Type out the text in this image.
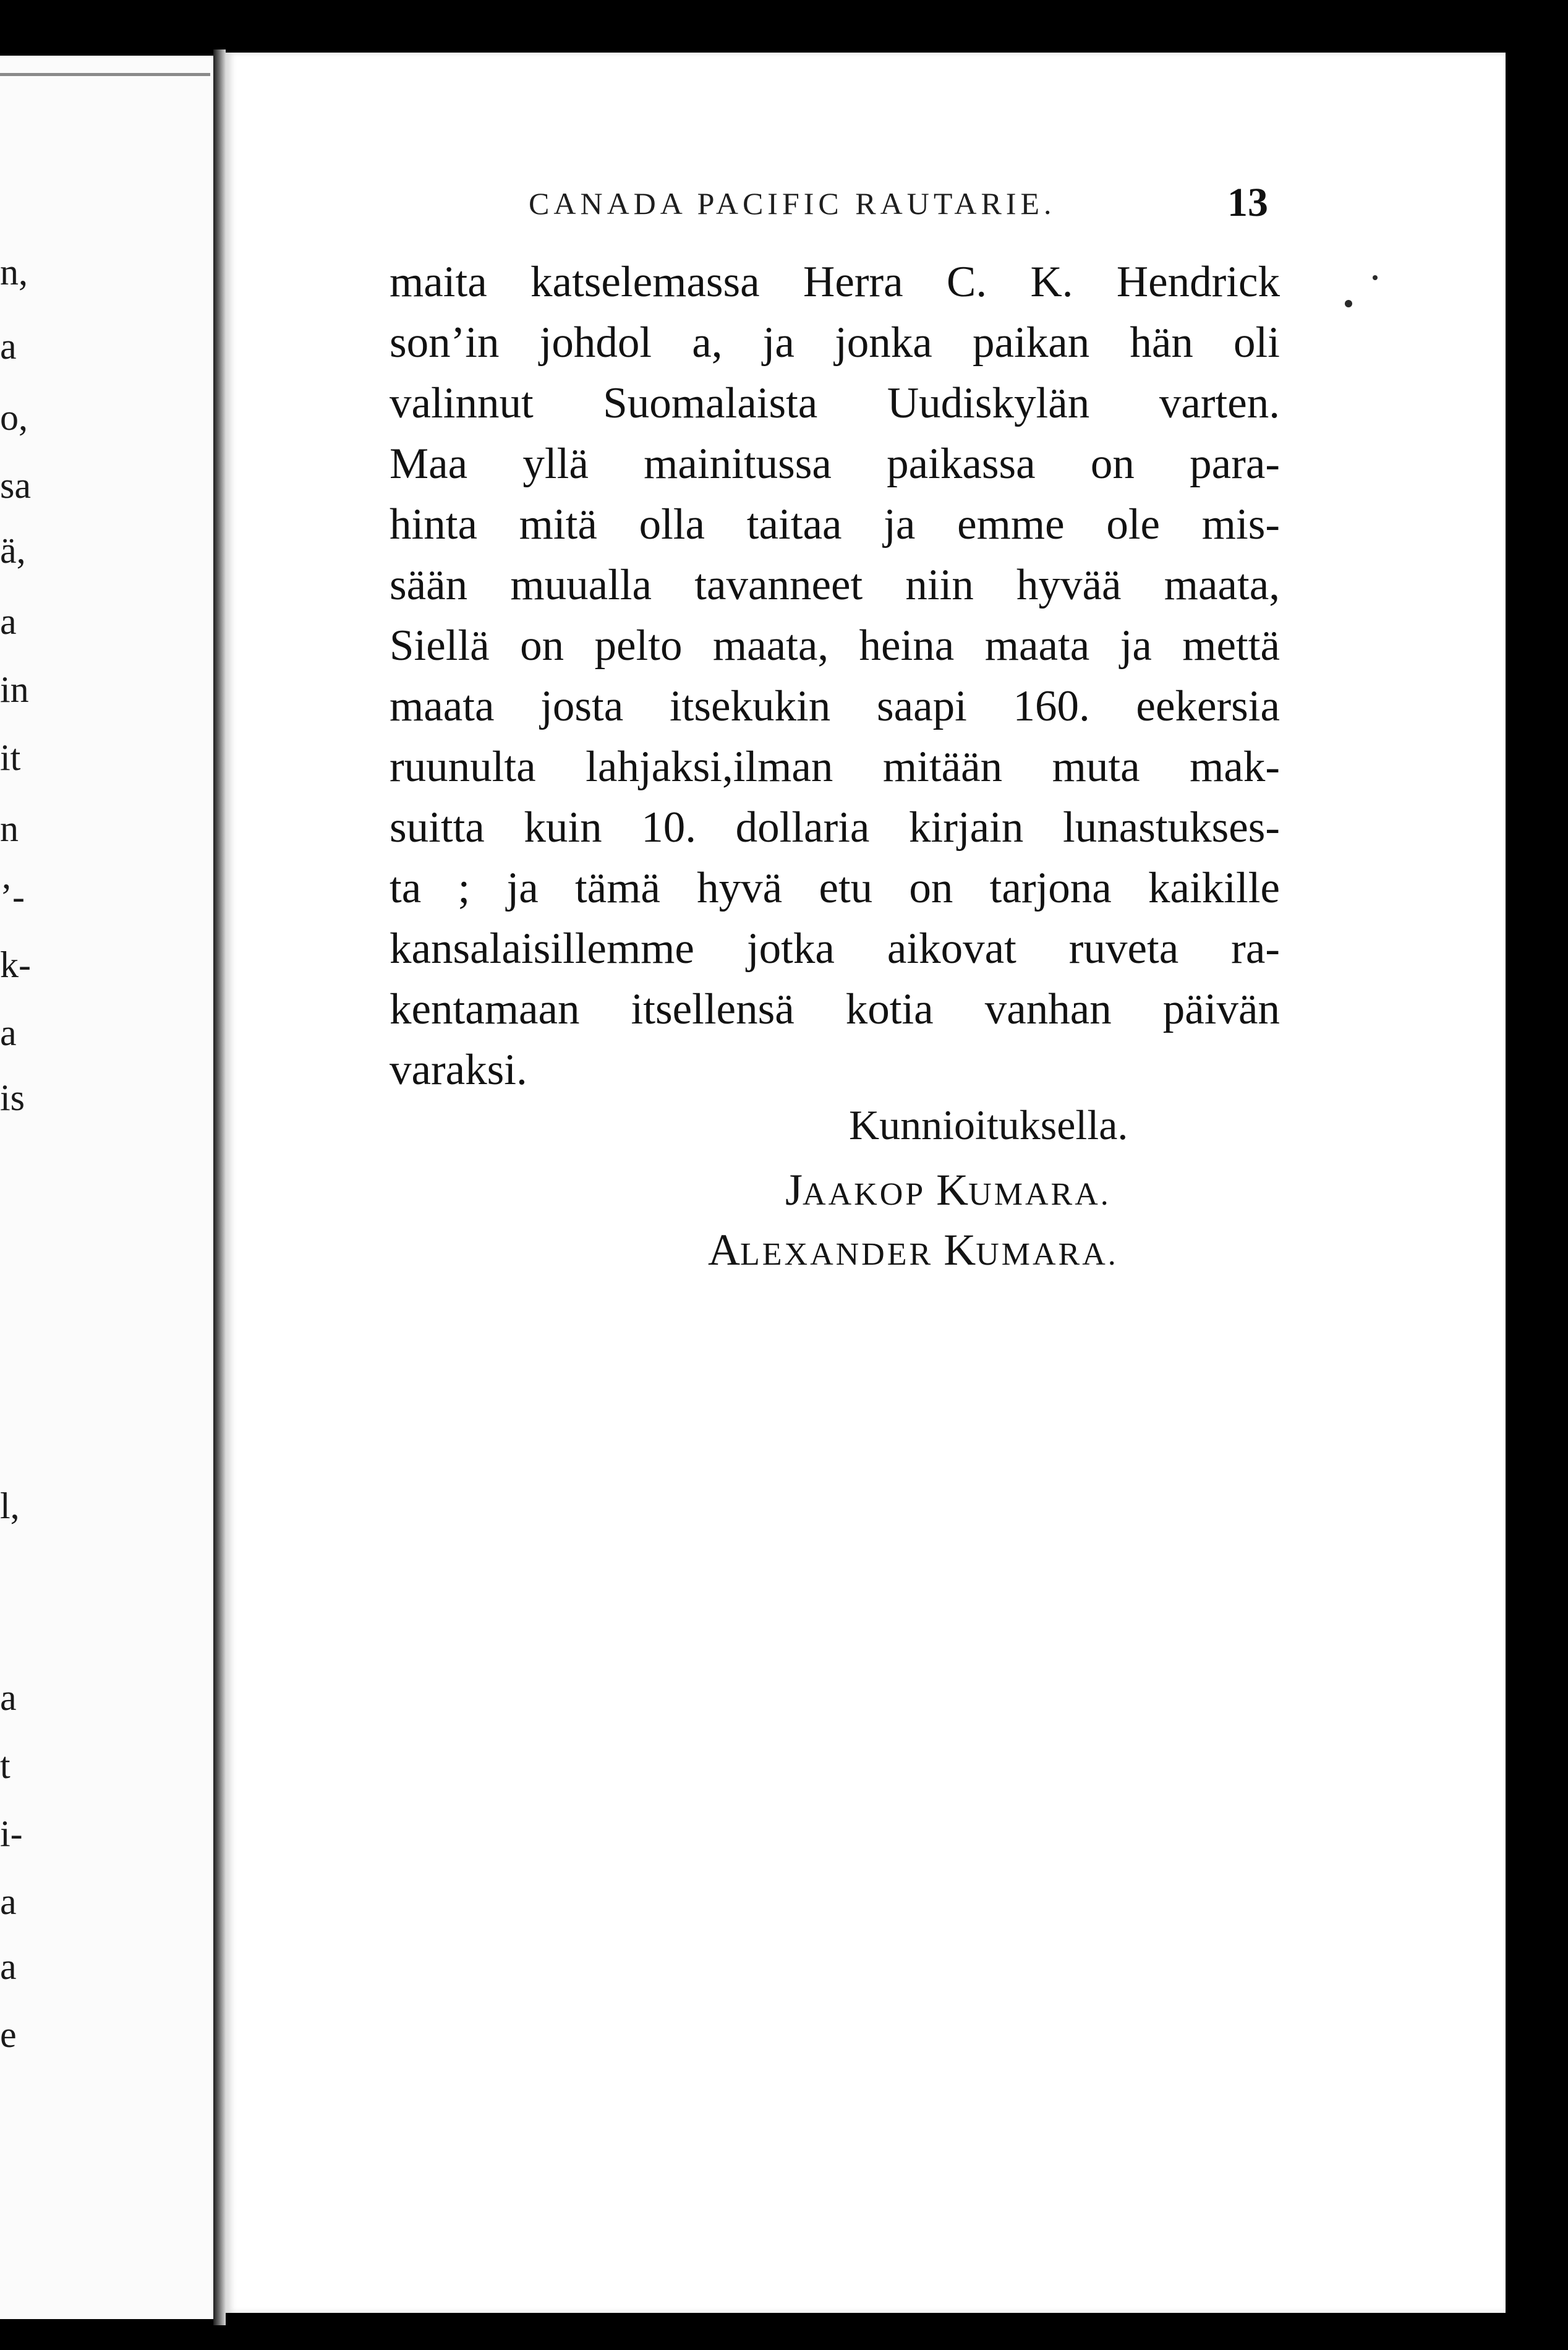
n,
a
o,
sa
ä,
a
in
it
n
’-
k-
a
is
l,
a
t
i-
a
a
e
CANADA PACIFIC RAUTARIE.	13
maita katselemassa Herra C. K. Hendrick
son’in johdol a, ja jonka paikan hän oli
valinnut Suomalaista Uudiskylän varten.
Maa yllä mainitussa paikassa on para-
hinta mitä olla taitaa ja emme ole mis-
sään muualla tavanneet niin hyvää maata,
Siellä on pelto maata, heina maata ja mettä
maata josta itsekukin saapi 160. eekersia
ruunulta lahjaksi,ilman mitään muta mak-
suitta kuin 10. dollaria kirjain lunastukses-
ta ; ja tämä hyvä etu on tarjona kaikille
kansalaisillemme jotka aikovat ruveta ra-
kentamaan itsellensä kotia vanhan päivän
varaksi.
Kunnioituksella.
JAAKOP KUMARA.
ALEXANDER KUMARA.
